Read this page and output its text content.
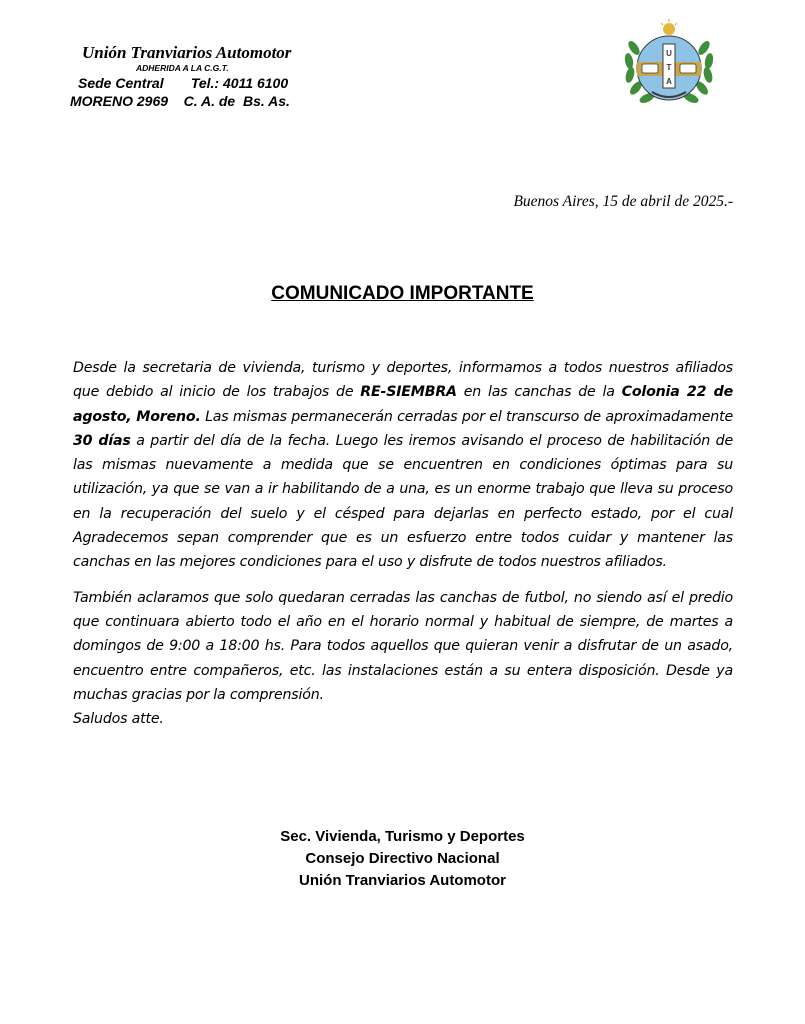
Unión Tranviarios Automotor
ADHERIDA A LA C.G.T.
Sede Central       Tel.: 4011 6100
MORENO 2969    C. A. de  Bs. As.
U
T
A
Buenos Aires, 15 de abril de 2025.-
COMUNICADO IMPORTANTE

Desde la secretaria de vivienda, turismo y deportes, informamos a todos nuestros afiliados que debido al inicio de los trabajos de RE-SIEMBRA en las canchas de la Colonia 22 de agosto, Moreno. Las mismas permanecerán cerradas por el transcurso de aproximadamente 30 días a partir del día de la fecha. Luego les iremos avisando el proceso de habilitación de las mismas nuevamente a medida que se encuentren en condiciones óptimas para su utilización, ya que se van a ir habilitando de a una, es un enorme trabajo que lleva su proceso en la recuperación del suelo y el césped para dejarlas en perfecto estado, por el cual Agradecemos sepan comprender que es un esfuerzo entre todos cuidar y mantener las canchas en las mejores condiciones para el uso y disfrute de todos nuestros afiliados.

También aclaramos que solo quedaran cerradas las canchas de futbol, no siendo así el predio que continuara abierto todo el año en el horario normal y habitual de siempre, de martes a domingos de 9:00 a 18:00 hs. Para todos aquellos que quieran venir a disfrutar de un asado, encuentro entre compañeros, etc. las instalaciones están a su entera disposición. Desde ya muchas gracias por la comprensión.
Saludos atte.

Sec. Vivienda, Turismo y Deportes
Consejo Directivo Nacional
Unión Tranviarios Automotor
